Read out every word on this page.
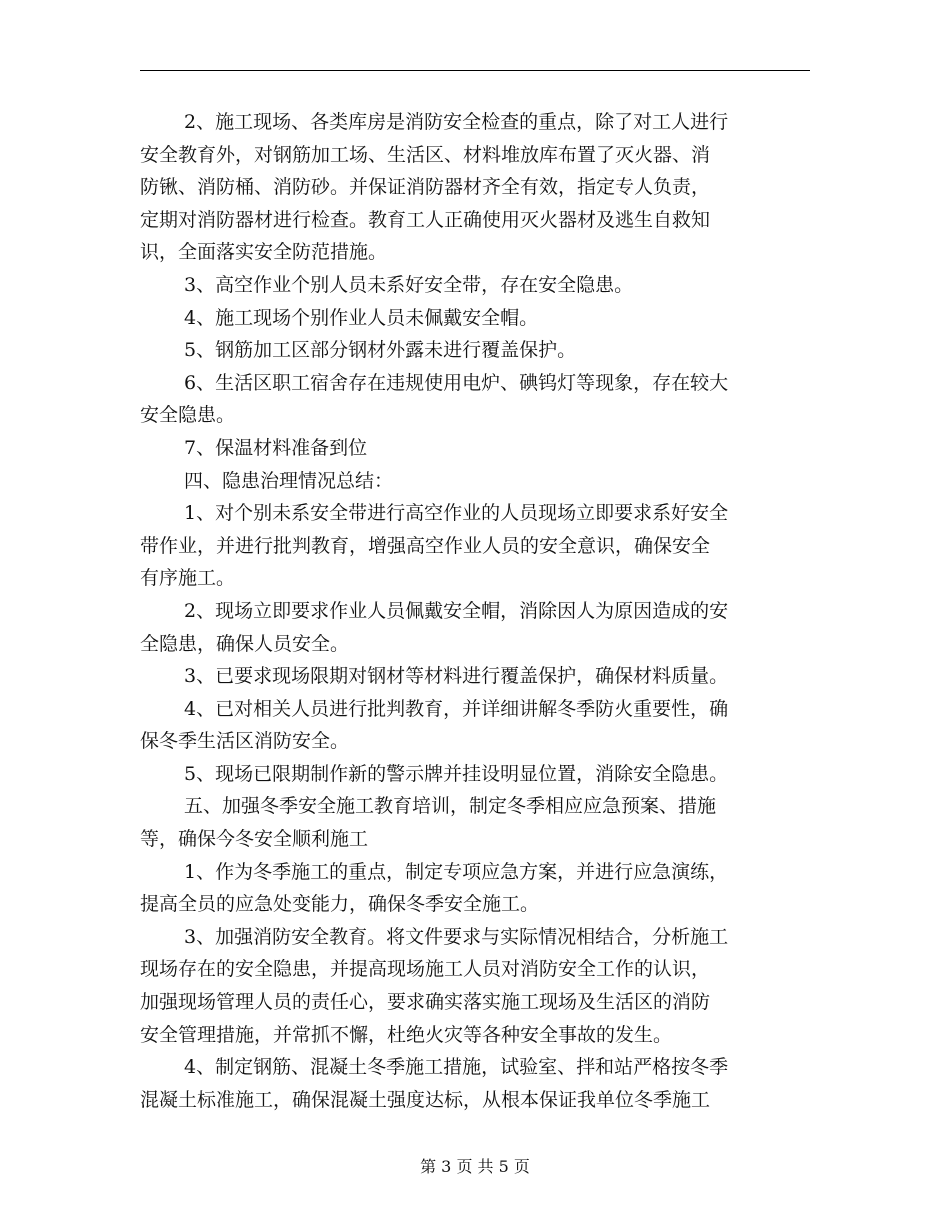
2、施工现场、各类库房是消防安全检查的重点，除了对工人进行
安全教育外，对钢筋加工场、生活区、材料堆放库布置了灭火器、消
防锹、消防桶、消防砂。并保证消防器材齐全有效，指定专人负责，
定期对消防器材进行检查。教育工人正确使用灭火器材及逃生自救知
识，全面落实安全防范措施。
3、高空作业个别人员未系好安全带，存在安全隐患。
4、施工现场个别作业人员未佩戴安全帽。
5、钢筋加工区部分钢材外露未进行覆盖保护。
6、生活区职工宿舍存在违规使用电炉、碘钨灯等现象，存在较大
安全隐患。
7、保温材料准备到位
四、隐患治理情况总结：
1、对个别未系安全带进行高空作业的人员现场立即要求系好安全
带作业，并进行批判教育，增强高空作业人员的安全意识，确保安全
有序施工。
2、现场立即要求作业人员佩戴安全帽，消除因人为原因造成的安
全隐患，确保人员安全。
3、已要求现场限期对钢材等材料进行覆盖保护，确保材料质量。
4、已对相关人员进行批判教育，并详细讲解冬季防火重要性，确
保冬季生活区消防安全。
5、现场已限期制作新的警示牌并挂设明显位置，消除安全隐患。
五、加强冬季安全施工教育培训，制定冬季相应应急预案、措施
等，确保今冬安全顺利施工
1、作为冬季施工的重点，制定专项应急方案，并进行应急演练，
提高全员的应急处变能力，确保冬季安全施工。
3、加强消防安全教育。将文件要求与实际情况相结合，分析施工
现场存在的安全隐患，并提高现场施工人员对消防安全工作的认识，
加强现场管理人员的责任心，要求确实落实施工现场及生活区的消防
安全管理措施，并常抓不懈，杜绝火灾等各种安全事故的发生。
4、制定钢筋、混凝土冬季施工措施，试验室、拌和站严格按冬季
混凝土标准施工，确保混凝土强度达标，从根本保证我单位冬季施工
第 3 页 共 5 页
